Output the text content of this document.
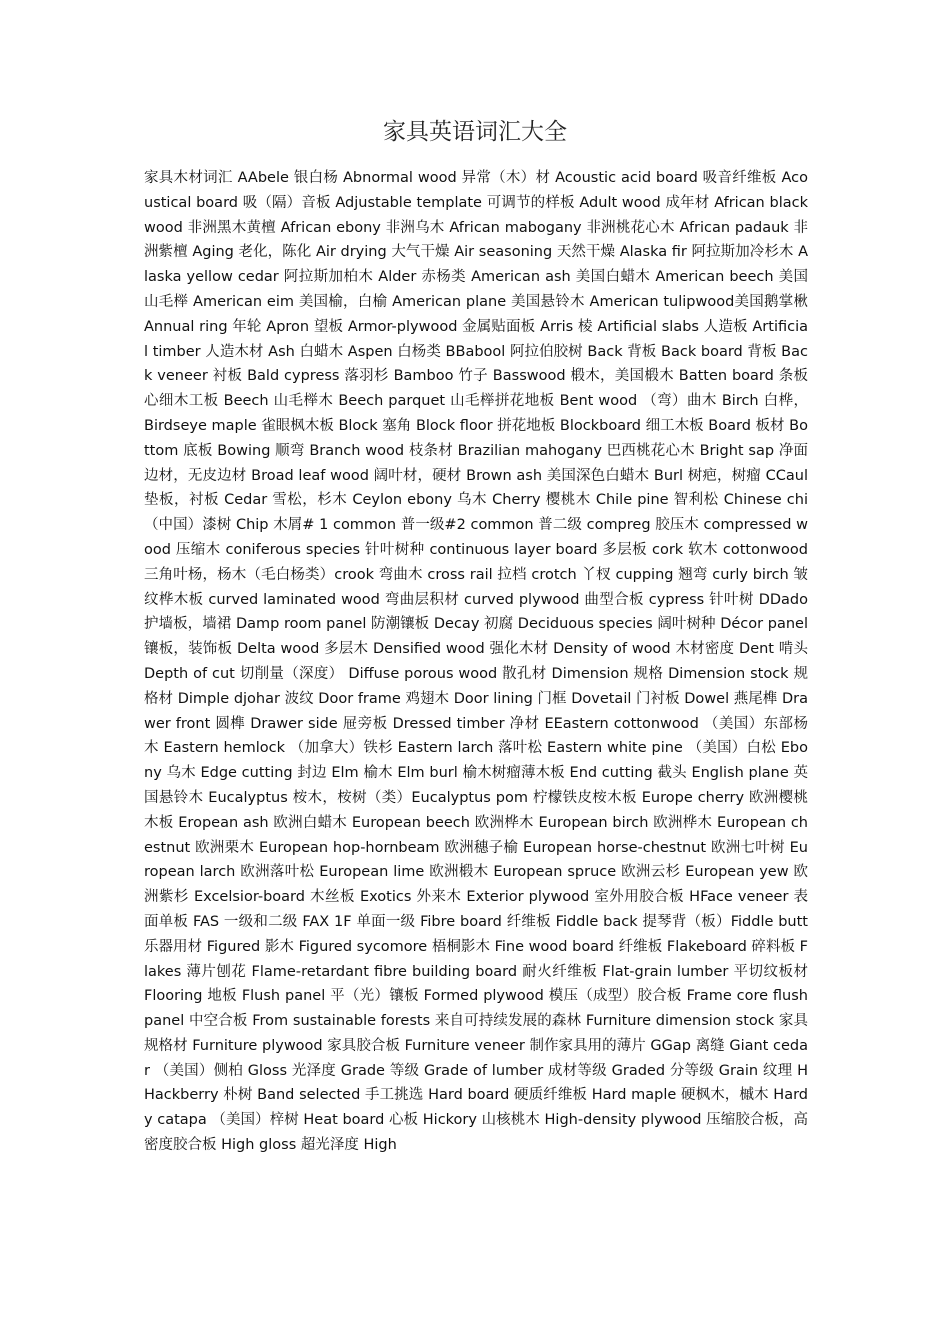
家具英语词汇大全

家具木材词汇 AAbele 银白杨 Abnormal wood 异常（木）材 Acoustic acid board 吸音纤维板 Acoustical board 吸（隔）音板 Adjustable template 可调节的样板 Adult wood 成年材 African blackwood 非洲黑木黄檀 African ebony 非洲乌木 African mabogany 非洲桃花心木 African padauk 非洲紫檀 Aging 老化，陈化 Air drying 大气干燥 Air seasoning 天然干燥 Alaska fir 阿拉斯加冷杉木 Alaska yellow cedar 阿拉斯加柏木 Alder 赤杨类 American ash 美国白蜡木 American beech 美国山毛榉 American eim 美国榆，白榆 American plane 美国悬铃木 American tulipwood美国鹅掌楸 Annual ring 年轮 Apron 望板 Armor-plywood 金属贴面板 Arris 棱 Artificial slabs 人造板 Artificial timber 人造木材 Ash 白蜡木 Aspen 白杨类 BBabool 阿拉伯胶树 Back 背板 Back board 背板 Back veneer 衬板 Bald cypress 落羽杉 Bamboo 竹子 Basswood 椴木，美国椴木 Batten board 条板心细木工板 Beech 山毛榉木 Beech parquet 山毛榉拼花地板 Bent wood （弯）曲木 Birch 白桦， Birdseye maple 雀眼枫木板 Block 塞角 Block floor 拼花地板 Blockboard 细工木板 Board 板材 Bottom 底板 Bowing 顺弯 Branch wood 枝条材 Brazilian mahogany 巴西桃花心木 Bright sap 净面边材，无皮边材 Broad leaf wood 阔叶材，硬材 Brown ash 美国深色白蜡木 Burl 树疤，树瘤 CCaul 垫板，衬板 Cedar 雪松，杉木 Ceylon ebony 乌木 Cherry 樱桃木 Chile pine 智利松 Chinese chi （中国）漆树 Chip 木屑# 1 common 普一级#2 common 普二级 compreg 胶压木 compressed wood 压缩木 coniferous species 针叶树种 continuous layer board 多层板 cork 软木 cottonwood 三角叶杨，杨木（毛白杨类）crook 弯曲木 cross rail 拉档 crotch 丫杈 cupping 翘弯 curly birch 皱纹桦木板 curved laminated wood 弯曲层积材 curved plywood 曲型合板 cypress 针叶树 DDado 护墙板，墙裙 Damp room panel 防潮镶板 Decay 初腐 Deciduous species 阔叶树种 Décor panel 镶板，装饰板 Delta wood 多层木 Densified wood 强化木材 Density of wood 木材密度 Dent 啃头 Depth of cut 切削量（深度） Diffuse porous wood 散孔材 Dimension 规格 Dimension stock 规格材 Dimple djohar 波纹 Door frame 鸡翅木 Door lining 门框 Dovetail 门衬板 Dowel 燕尾榫 Drawer front 圆榫 Drawer side 屉旁板 Dressed timber 净材 EEastern cottonwood （美国）东部杨木 Eastern hemlock （加拿大）铁杉 Eastern larch 落叶松 Eastern white pine （美国）白松 Ebony 乌木 Edge cutting 封边 Elm 榆木 Elm burl 榆木树瘤薄木板 End cutting 截头 English plane 英国悬铃木 Eucalyptus 桉木，桉树（类）Eucalyptus pom 柠檬铁皮桉木板 Europe cherry 欧洲樱桃木板 Eropean ash 欧洲白蜡木 European beech 欧洲桦木 European birch 欧洲桦木 European chestnut 欧洲栗木 European hop-hornbeam 欧洲穗子榆 European horse-chestnut 欧洲七叶树 European larch 欧洲落叶松 European lime 欧洲椴木 European spruce 欧洲云杉 European yew 欧洲紫杉 Excelsior-board 木丝板 Exotics 外来木 Exterior plywood 室外用胶合板 HFace veneer 表面单板 FAS 一级和二级 FAX 1F 单面一级 Fibre board 纤维板 Fiddle back 提琴背（板）Fiddle butt 乐器用材 Figured 影木 Figured sycomore 梧桐影木 Fine wood board 纤维板 Flakeboard 碎料板 Flakes 薄片刨花 Flame-retardant fibre building board 耐火纤维板 Flat-grain lumber 平切纹板材 Flooring 地板 Flush panel 平（光）镶板 Formed plywood 模压（成型）胶合板 Frame core flush panel 中空合板 From sustainable forests 来自可持续发展的森林 Furniture dimension stock 家具规格材 Furniture plywood 家具胶合板 Furniture veneer 制作家具用的薄片 GGap 离缝 Giant cedar （美国）侧柏 Gloss 光泽度 Grade 等级 Grade of lumber 成材等级 Graded 分等级 Grain 纹理 HHackberry 朴树 Band selected 手工挑选 Hard board 硬质纤维板 Hard maple 硬枫木，槭木 Hardy catapa （美国）梓树 Heat board 心板 Hickory 山核桃木 High-density plywood 压缩胶合板，高密度胶合板 High gloss 超光泽度 High
